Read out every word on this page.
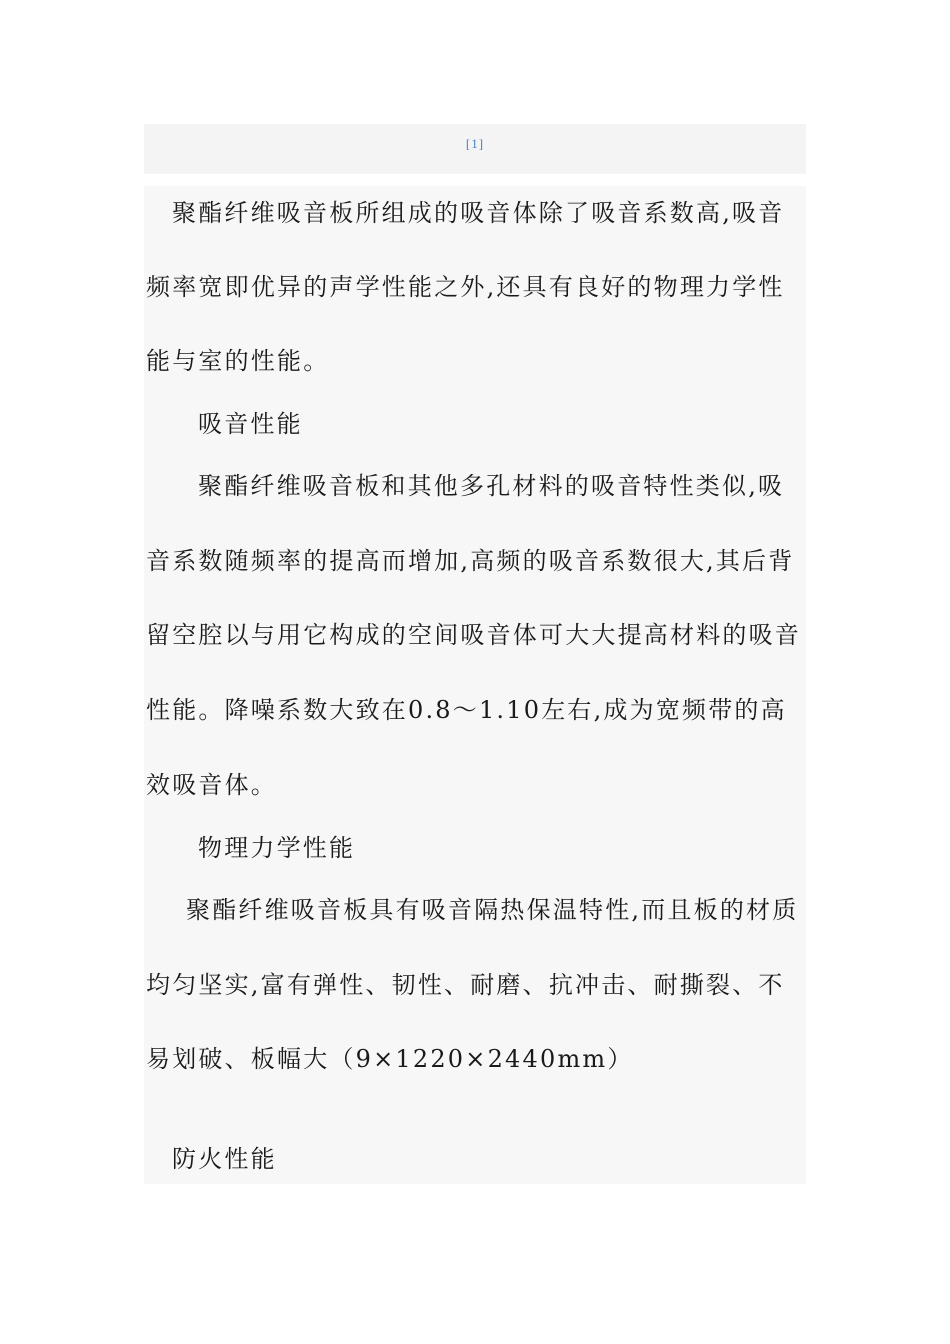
[1]
聚酯纤维吸音板所组成的吸音体除了吸音系数高,吸音
频率宽即优异的声学性能之外,还具有良好的物理力学性
能与室的性能。
吸音性能
聚酯纤维吸音板和其他多孔材料的吸音特性类似,吸
音系数随频率的提高而增加,高频的吸音系数很大,其后背
留空腔以与用它构成的空间吸音体可大大提高材料的吸音
性能。降噪系数大致在0.8～1.10左右,成为宽频带的高
效吸音体。
物理力学性能
聚酯纤维吸音板具有吸音隔热保温特性,而且板的材质
均匀坚实,富有弹性、韧性、耐磨、抗冲击、耐撕裂、不
易划破、板幅大（9×1220×2440mm）
防火性能
